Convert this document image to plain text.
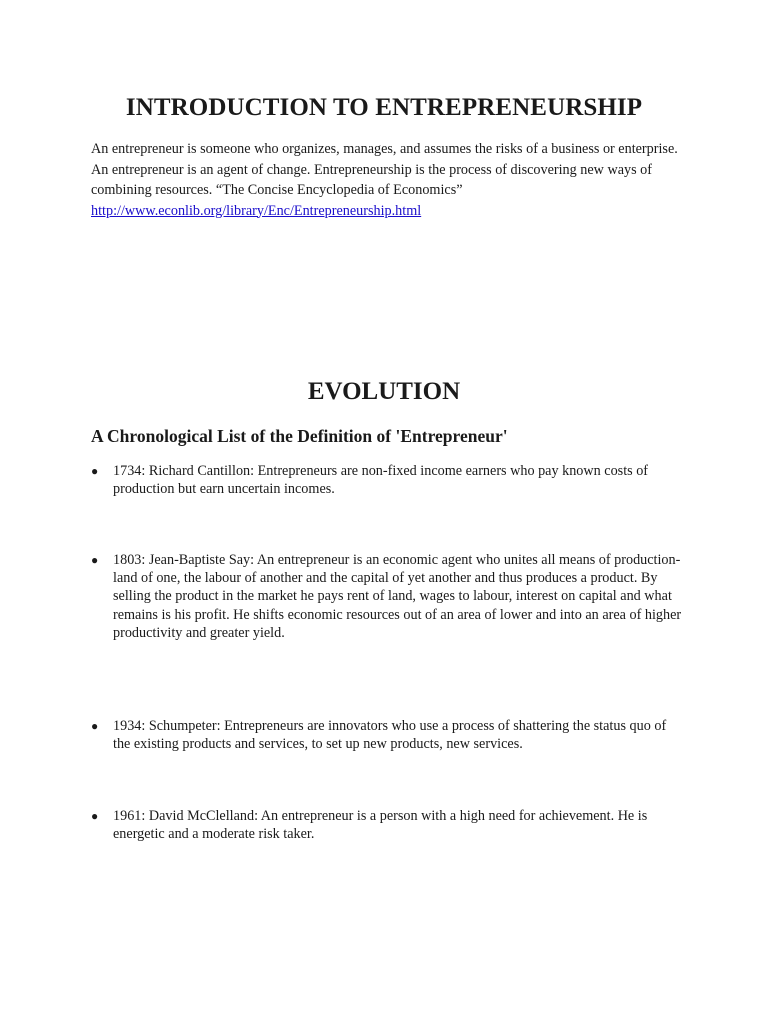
INTRODUCTION TO ENTREPRENEURSHIP

An entrepreneur is someone who organizes, manages, and assumes the risks of a business or enterprise. An entrepreneur is an agent of change. Entrepreneurship is the process of discovering new ways of combining resources. “The Concise Encyclopedia of Economics” http://www.econlib.org/library/Enc/Entrepreneurship.html

EVOLUTION
A Chronological List of the Definition of 'Entrepreneur'
●	1734: Richard Cantillon: Entrepreneurs are non-fixed income earners who pay known costs of production but earn uncertain incomes.
●	1803: Jean-Baptiste Say: An entrepreneur is an economic agent who unites all means of production- land of one, the labour of another and the capital of yet another and thus produces a product. By selling the product in the market he pays rent of land, wages to labour, interest on capital and what remains is his profit. He shifts economic resources out of an area of lower and into an area of higher productivity and greater yield.
●	1934: Schumpeter: Entrepreneurs are innovators who use a process of shattering the status quo of the existing products and services, to set up new products, new services.
●	1961: David McClelland: An entrepreneur is a person with a high need for achievement. He is energetic and a moderate risk taker.
